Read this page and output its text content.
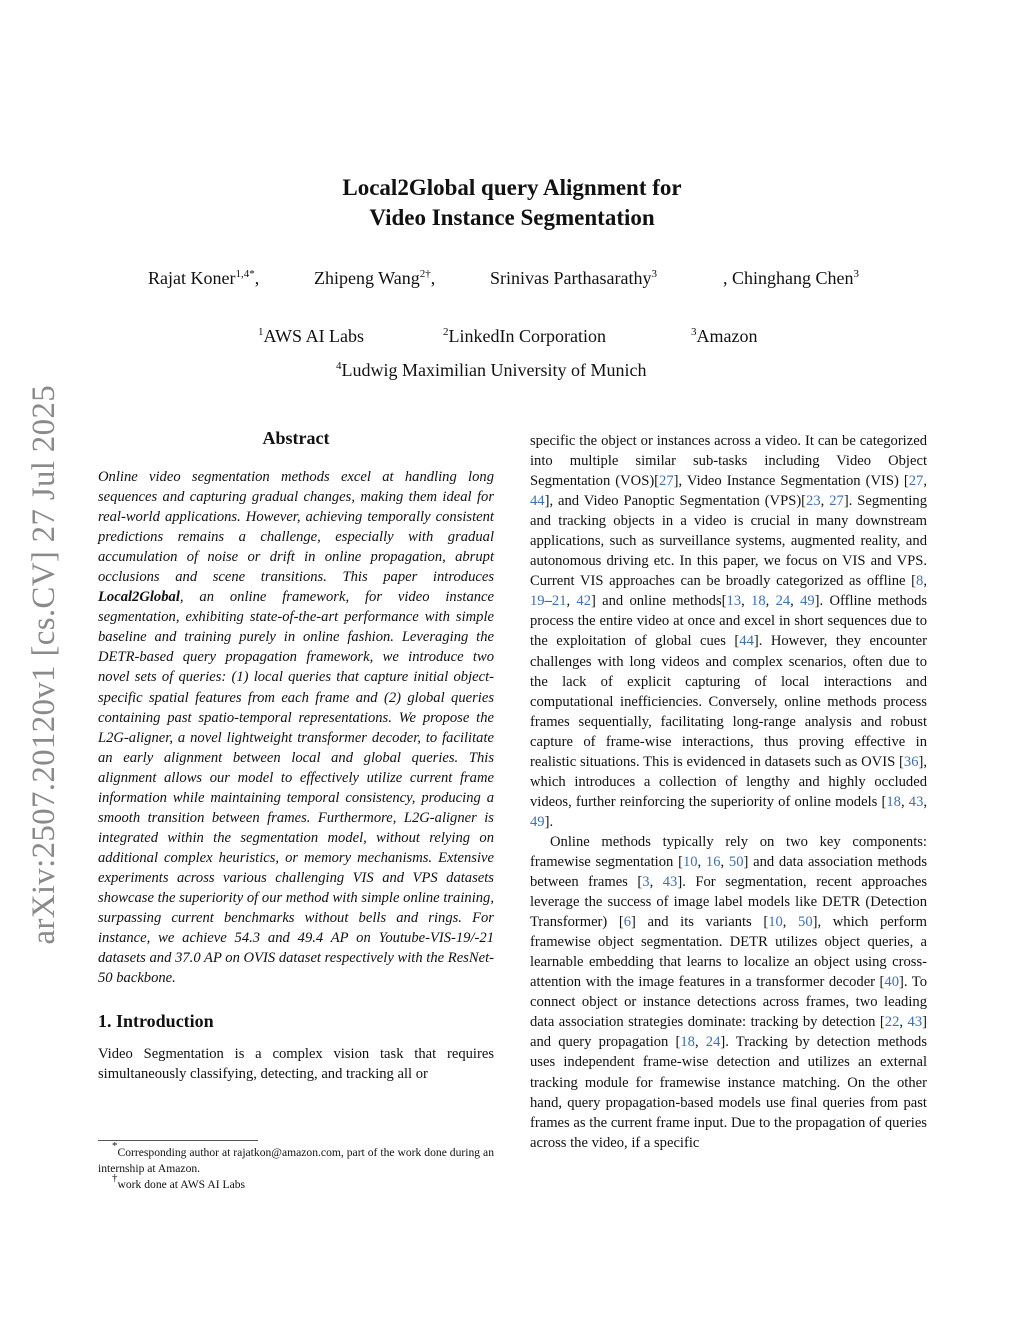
arXiv:2507.20120v1 [cs.CV] 27 Jul 2025
Local2Global query Alignment for
Video Instance Segmentation
Rajat Koner$^{1,4*}$,	Zhipeng Wang$^{2\dagger}$,	Srinivas Parthasarathy$^3$	, Chinghang Chen$^3$
$^1$AWS AI Labs	$^2$LinkedIn Corporation	$^3$Amazon
$^4$Ludwig Maximilian University of Munich
Abstract

Online video segmentation methods excel at handling long sequences and capturing gradual changes, making them ideal for real-world applications. However, achieving temporally consistent predictions remains a challenge, especially with gradual accumulation of noise or drift in online propagation, abrupt occlusions and scene transitions. This paper introduces Local2Global, an online framework, for video instance segmentation, exhibiting state-of-the-art performance with simple baseline and training purely in online fashion. Leveraging the DETR-based query propagation framework, we introduce two novel sets of queries: (1) local queries that capture initial object-specific spatial features from each frame and (2) global queries containing past spatio-temporal representations. We propose the L2G-aligner, a novel lightweight transformer decoder, to facilitate an early alignment between local and global queries. This alignment allows our model to effectively utilize current frame information while maintaining temporal consistency, producing a smooth transition between frames. Furthermore, L2G-aligner is integrated within the segmentation model, without relying on additional complex heuristics, or memory mechanisms. Extensive experiments across various challenging VIS and VPS datasets showcase the superiority of our method with simple online training, surpassing current benchmarks without bells and rings. For instance, we achieve 54.3 and 49.4 AP on Youtube-VIS-19/-21 datasets and 37.0 AP on OVIS dataset respectively with the ResNet-50 backbone.

1. Introduction

Video Segmentation is a complex vision task that requires simultaneously classifying, detecting, and tracking all or

specific the object or instances across a video. It can be categorized into multiple similar sub-tasks including Video Object Segmentation (VOS)[27], Video Instance Segmentation (VIS) [27, 44], and Video Panoptic Segmentation (VPS)[23, 27]. Segmenting and tracking objects in a video is crucial in many downstream applications, such as surveillance systems, augmented reality, and autonomous driving etc. In this paper, we focus on VIS and VPS. Current VIS approaches can be broadly categorized as offline [8, 19–21, 42] and online methods[13, 18, 24, 49]. Offline methods process the entire video at once and excel in short sequences due to the exploitation of global cues [44]. However, they encounter challenges with long videos and complex scenarios, often due to the lack of explicit capturing of local interactions and computational inefficiencies. Conversely, online methods process frames sequentially, facilitating long-range analysis and robust capture of frame-wise interactions, thus proving effective in realistic situations. This is evidenced in datasets such as OVIS [36], which introduces a collection of lengthy and highly occluded videos, further reinforcing the superiority of online models [18, 43, 49].

Online methods typically rely on two key components: framewise segmentation [10, 16, 50] and data association methods between frames [3, 43]. For segmentation, recent approaches leverage the success of image label models like DETR (Detection Transformer) [6] and its variants [10, 50], which perform framewise object segmentation. DETR utilizes object queries, a learnable embedding that learns to localize an object using cross-attention with the image features in a transformer decoder [40]. To connect object or instance detections across frames, two leading data association strategies dominate: tracking by detection [22, 43] and query propagation [18, 24]. Tracking by detection methods uses independent frame-wise detection and utilizes an external tracking module for framewise instance matching. On the other hand, query propagation-based models use final queries from past frames as the current frame input. Due to the propagation of queries across the video, if a specific

*Corresponding author at rajatkon@amazon.com, part of the work done during an internship at Amazon.

†work done at AWS AI Labs
